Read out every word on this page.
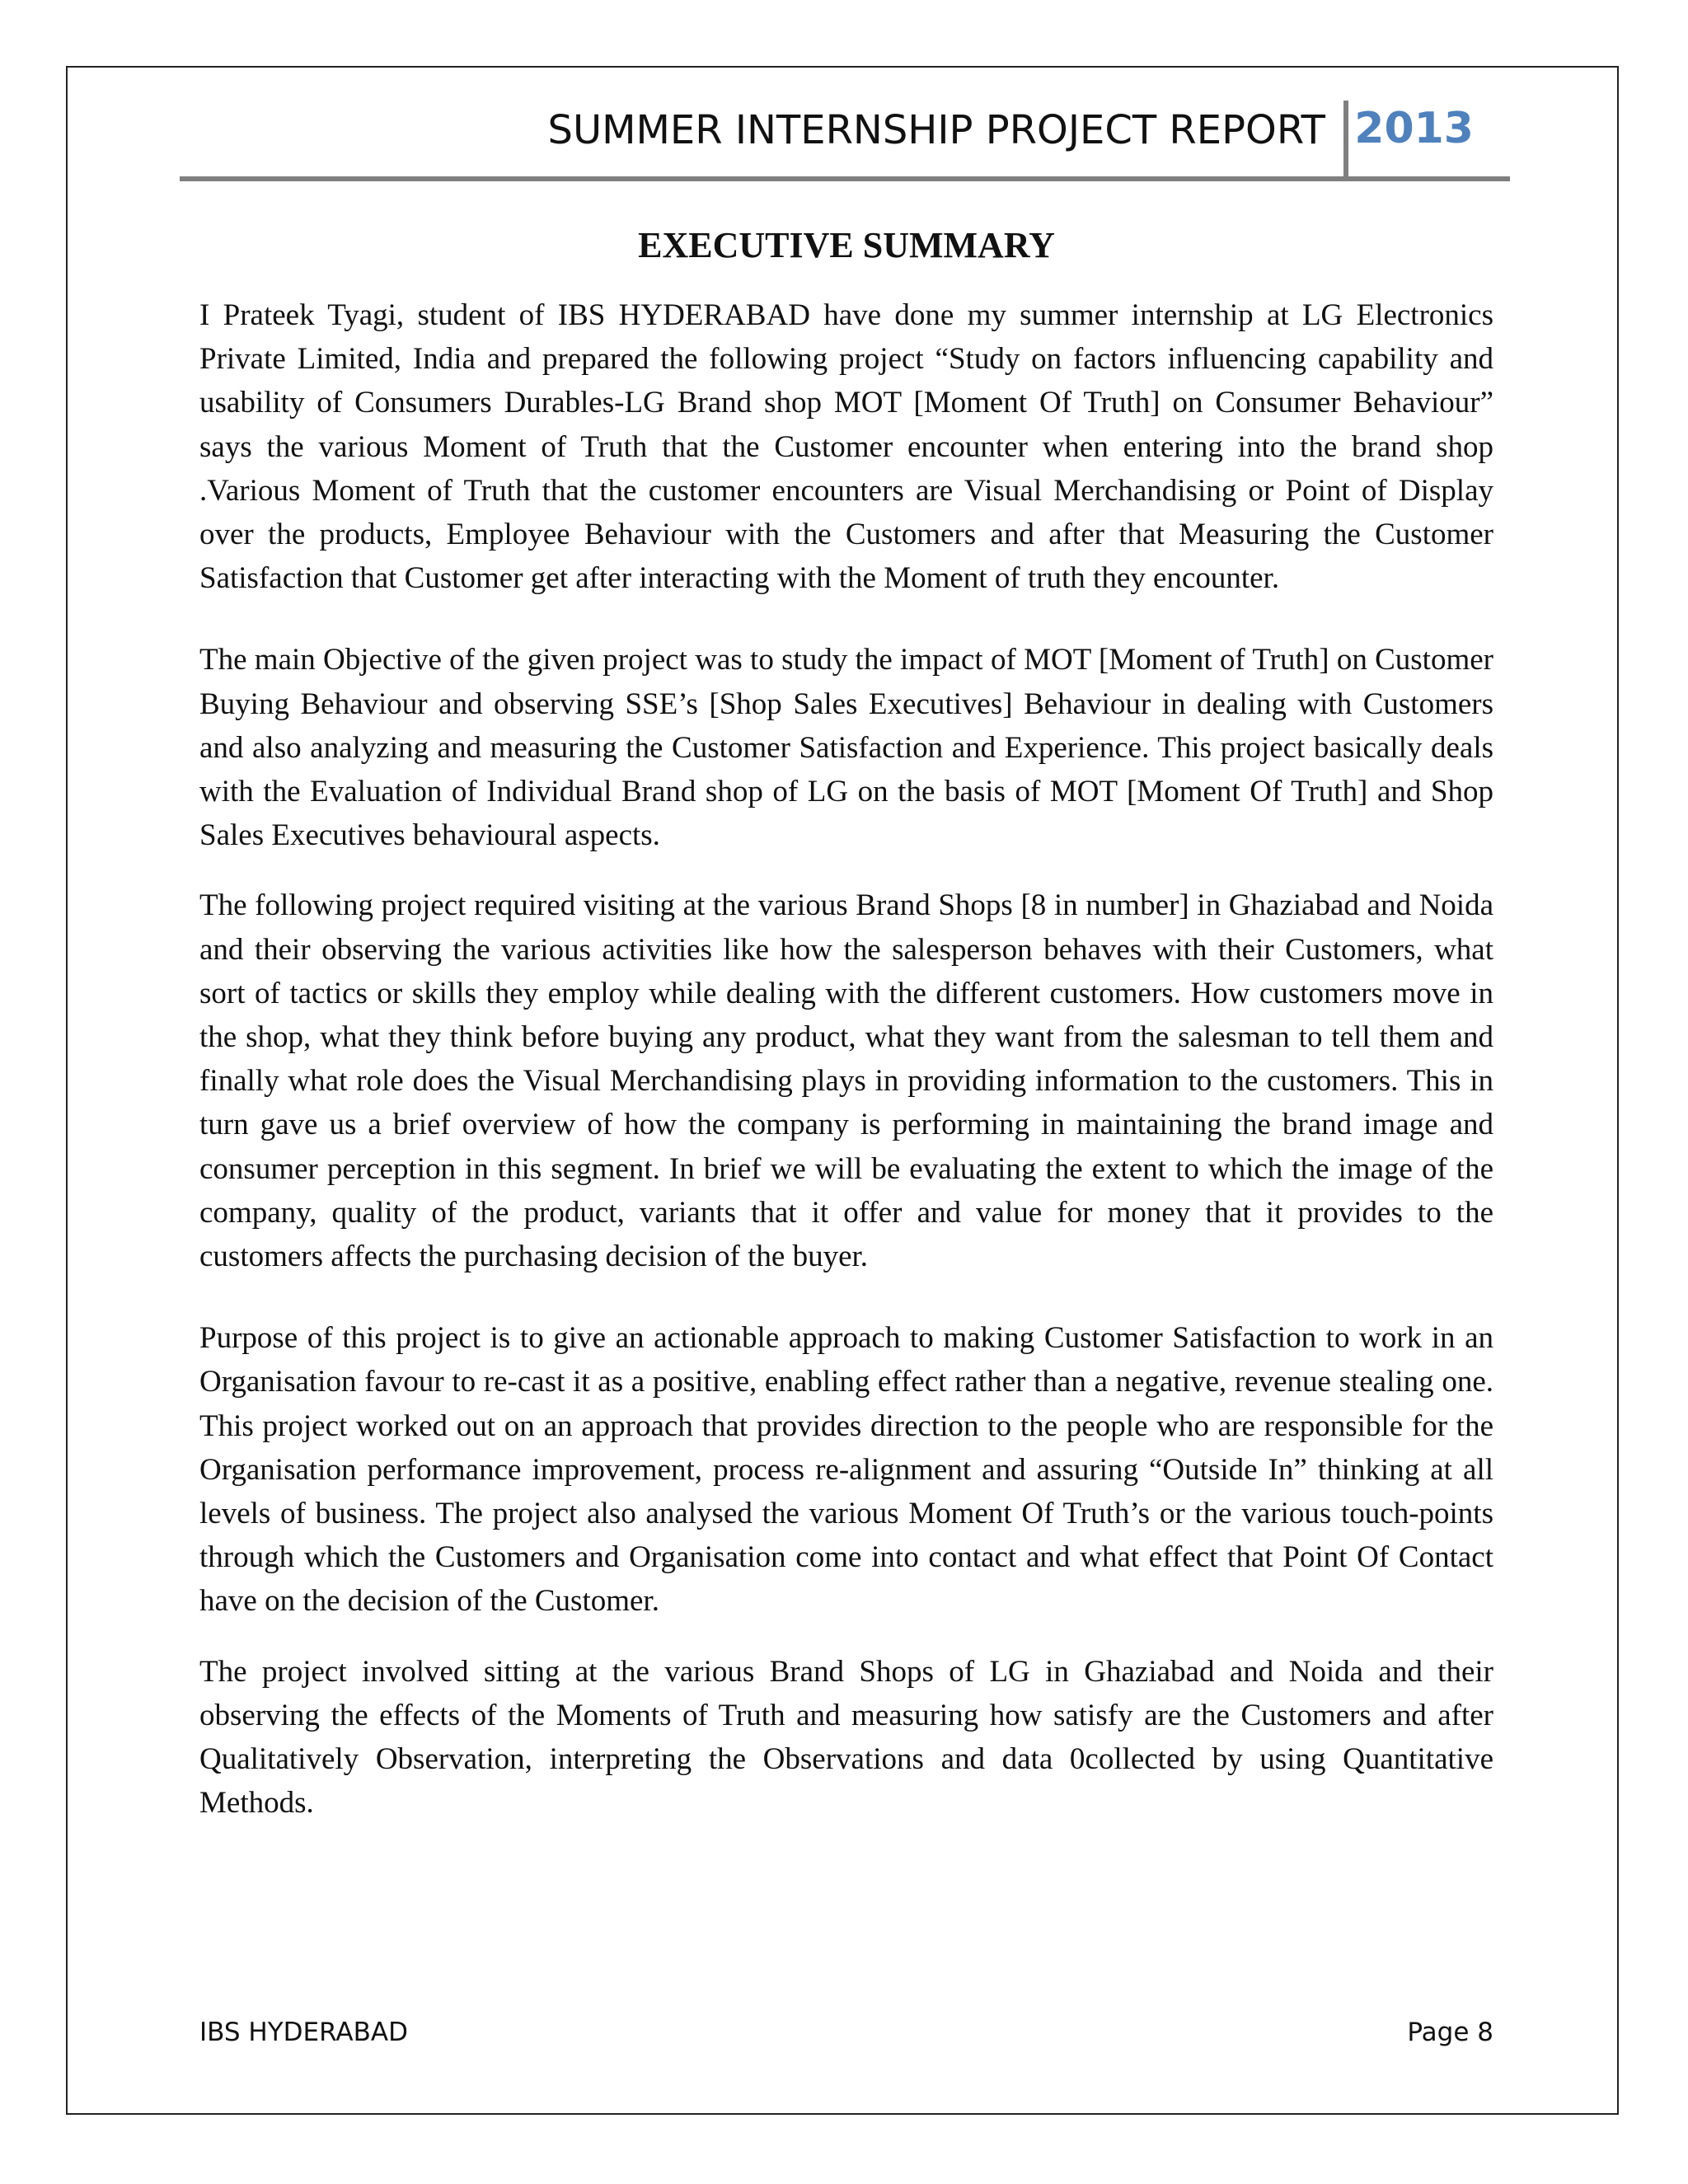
SUMMER INTERNSHIP PROJECT REPORT 2013
EXECUTIVE SUMMARY

I Prateek Tyagi, student of IBS HYDERABAD have done my summer internship at LG Electronics Private Limited, India and prepared the following project “Study on factors influencing capability and usability of Consumers Durables-LG Brand shop MOT [Moment Of Truth] on Consumer Behaviour” says the various Moment of Truth that the Customer encounter when entering into the brand shop .Various Moment of Truth that the customer encounters are Visual Merchandising or Point of Display over the products, Employee Behaviour with the Customers and after that Measuring the Customer Satisfaction that Customer get after interacting with the Moment of truth they encounter.

The main Objective of the given project was to study the impact of MOT [Moment of Truth] on Customer Buying Behaviour and observing SSE’s [Shop Sales Executives] Behaviour in dealing with Customers and also analyzing and measuring the Customer Satisfaction and Experience. This project basically deals with the Evaluation of Individual Brand shop of LG on the basis of MOT [Moment Of Truth] and Shop Sales Executives behavioural aspects.

The following project required visiting at the various Brand Shops [8 in number] in Ghaziabad and Noida and their observing the various activities like how the salesperson behaves with their Customers, what sort of tactics or skills they employ while dealing with the different customers. How customers move in the shop, what they think before buying any product, what they want from the salesman to tell them and finally what role does the Visual Merchandising plays in providing information to the customers. This in turn gave us a brief overview of how the company is performing in maintaining the brand image and consumer perception in this segment. In brief we will be evaluating the extent to which the image of the company, quality of the product, variants that it offer and value for money that it provides to the customers affects the purchasing decision of the buyer.

Purpose of this project is to give an actionable approach to making Customer Satisfaction to work in an Organisation favour to re-cast it as a positive, enabling effect rather than a negative, revenue stealing one. This project worked out on an approach that provides direction to the people who are responsible for the Organisation performance improvement, process re-alignment and assuring “Outside In” thinking at all levels of business. The project also analysed the various Moment Of Truth’s or the various touch-points through which the Customers and Organisation come into contact and what effect that Point Of Contact have on the decision of the Customer.

The project involved sitting at the various Brand Shops of LG in Ghaziabad and Noida and their observing the effects of the Moments of Truth and measuring how satisfy are the Customers and after Qualitatively Observation, interpreting the Observations and data 0collected by using Quantitative Methods.

IBS HYDERABAD	Page 8
